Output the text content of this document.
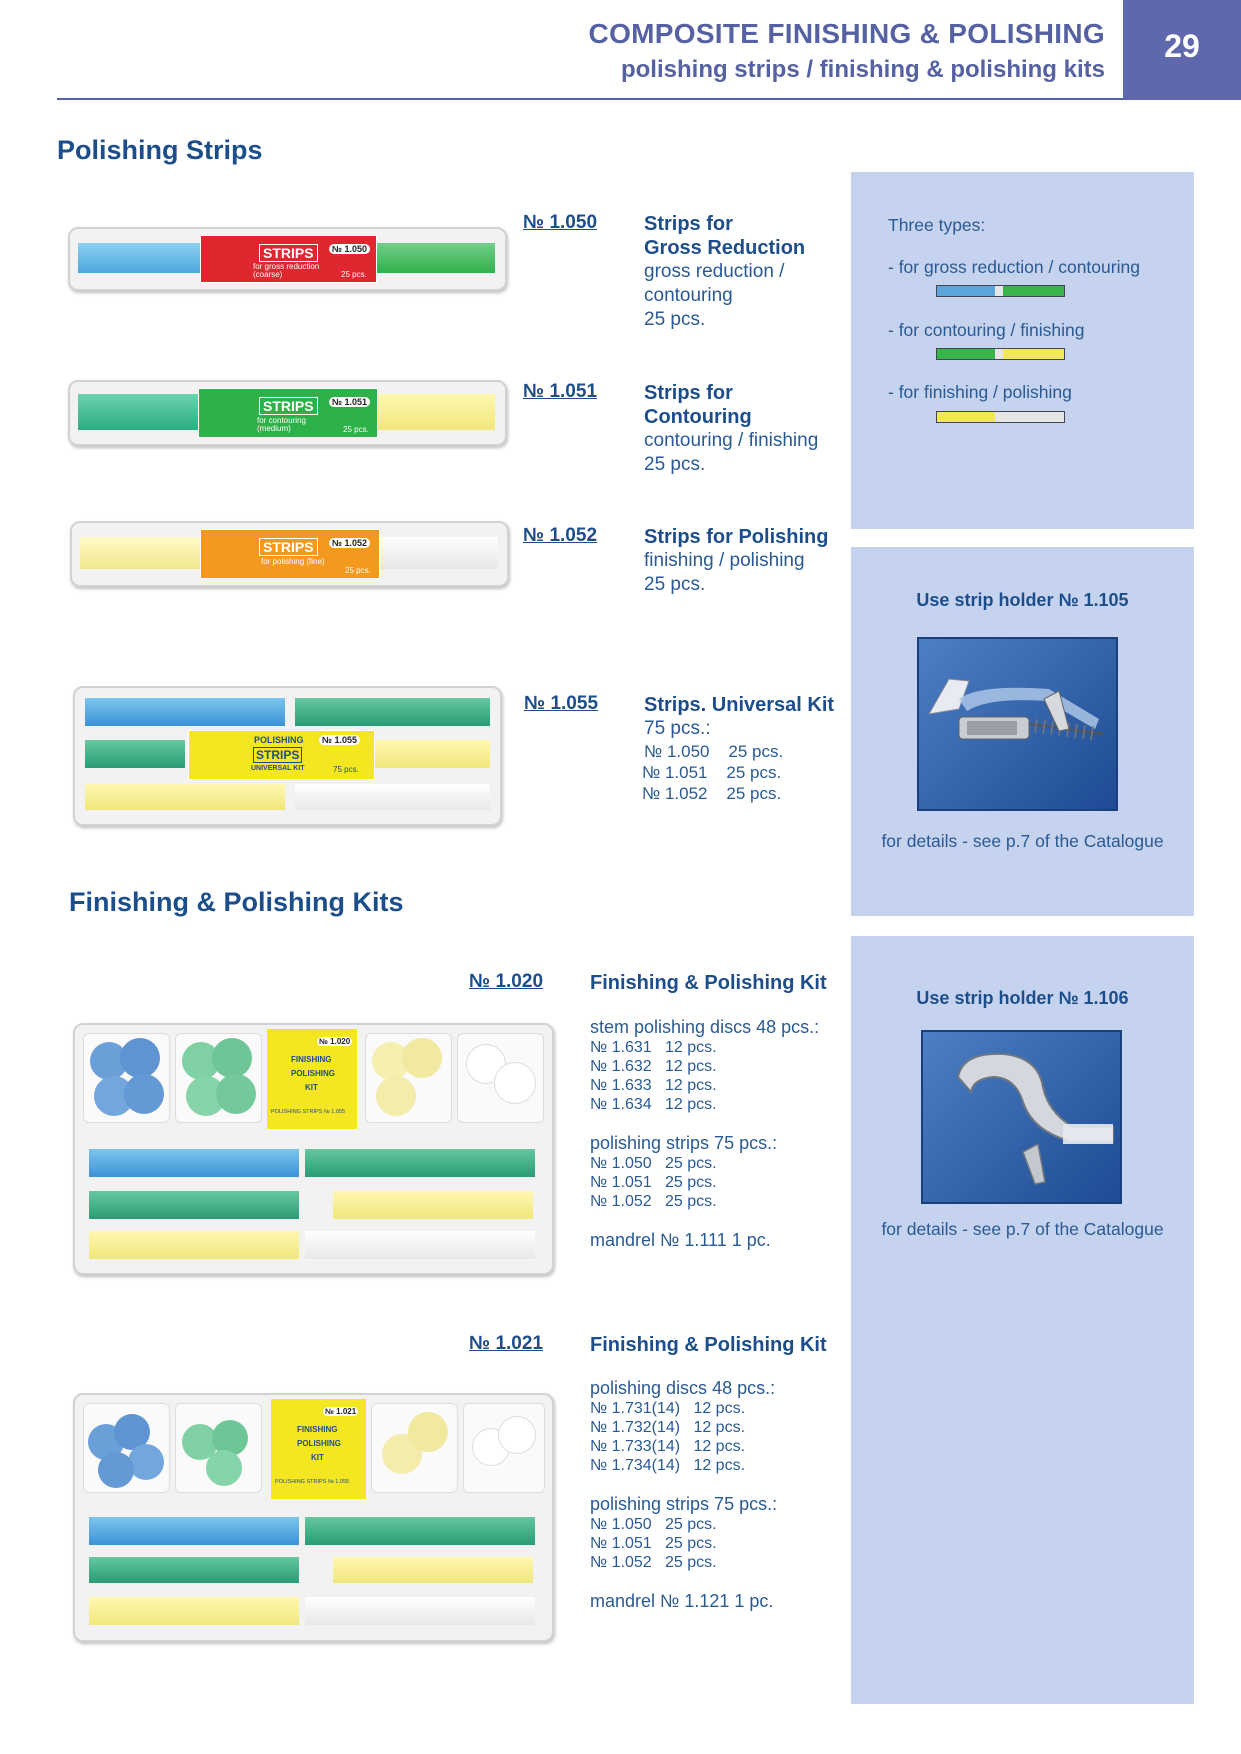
COMPOSITE FINISHING & POLISHING
polishing strips / finishing & polishing kits
29
Polishing Strips
Finishing & Polishing Kits
STRIPS	№ 1.050
for gross reduction (coarse)	25 pcs.
STRIPS	№ 1.051
for contouring (medium)	25 pcs.
STRIPS	№ 1.052
for polishing (fine)
25 pcs.
POLISHING
STRIPS
№ 1.055
UNIVERSAL KIT	75 pcs.
№ 1.050 Strips for
Gross Reduction
gross reduction /
contouring
25 pcs.
№ 1.051 Strips for
Contouring
contouring / finishing
25 pcs.
№ 1.052 Strips for Polishing
finishing / polishing
25 pcs.
№ 1.055 Strips. Universal Kit
75 pcs.:
№ 1.050    25 pcs.
№ 1.051    25 pcs.
№ 1.052    25 pcs.
Three types:
- for gross reduction / contouring
- for contouring / finishing
- for finishing / polishing
Use strip holder № 1.105
for details - see p.7 of the Catalogue
Use strip holder № 1.106
for details - see p.7 of the Catalogue
№ 1.020 Finishing & Polishing Kit
stem polishing discs 48 pcs.:
№ 1.631   12 pcs.
№ 1.632   12 pcs.
№ 1.633   12 pcs.
№ 1.634   12 pcs.
polishing strips 75 pcs.:
№ 1.050   25 pcs.
№ 1.051   25 pcs.
№ 1.052   25 pcs.
mandrel № 1.111 1 pc.
№ 1.020
FINISHING
POLISHING
KIT
POLISHING STRIPS № 1.055
№ 1.021 Finishing & Polishing Kit
polishing discs 48 pcs.:
№ 1.731(14)   12 pcs.
№ 1.732(14)   12 pcs.
№ 1.733(14)   12 pcs.
№ 1.734(14)   12 pcs.
polishing strips 75 pcs.:
№ 1.050   25 pcs.
№ 1.051   25 pcs.
№ 1.052   25 pcs.
mandrel № 1.121 1 pc.
№ 1.021
FINISHING
POLISHING
KIT
POLISHING STRIPS № 1.055
